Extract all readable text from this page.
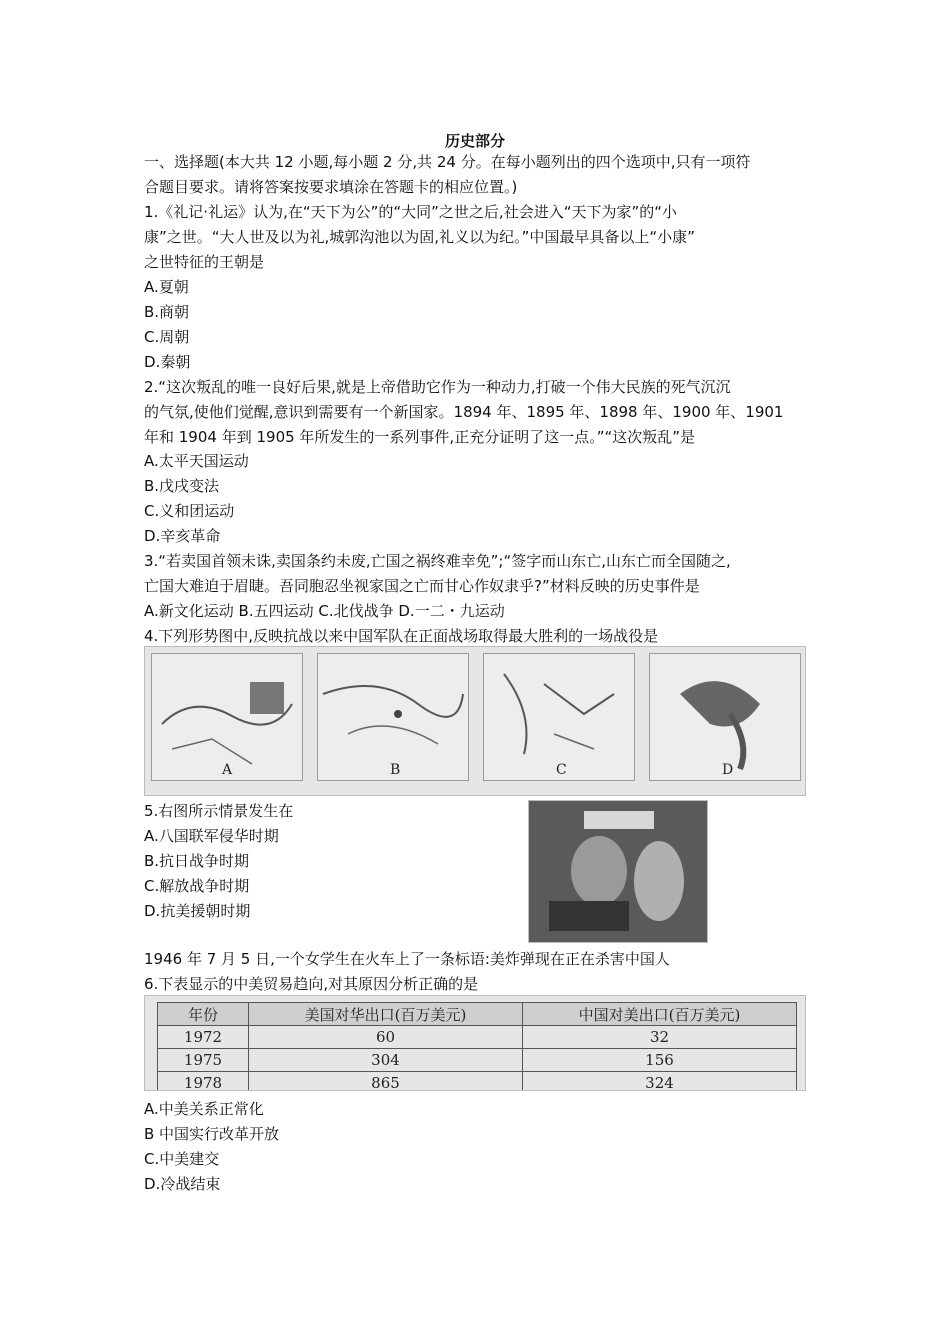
历史部分
一、选择题(本大共 12 小题,每小题 2 分,共 24 分。在每小题列出的四个选项中,只有一项符
合题目要求。请将答案按要求填涂在答题卡的相应位置。)
1.《礼记·礼运》认为,在“天下为公”的“大同”之世之后,社会进入“天下为家”的“小
康”之世。“大人世及以为礼,城郭沟池以为固,礼义以为纪。”中国最早具备以上“小康”
之世特征的王朝是
A.夏朝
B.商朝
C.周朝
D.秦朝
2.“这次叛乱的唯一良好后果,就是上帝借助它作为一种动力,打破一个伟大民族的死气沉沉
的气氛,使他们觉醒,意识到需要有一个新国家。1894 年、1895 年、1898 年、1900 年、1901
年和 1904 年到 1905 年所发生的一系列事件,正充分证明了这一点。”“这次叛乱”是
A.太平天国运动
B.戊戌变法
C.义和团运动
D.辛亥革命
3.“若卖国首领未诛,卖国条约未废,亡国之祸终难幸免”;“签字而山东亡,山东亡而全国随之,
亡国大难迫于眉睫。吾同胞忍坐视家国之亡而甘心作奴隶乎?”材料反映的历史事件是
A.新文化运动 B.五四运动 C.北伐战争 D.一二・九运动
4.下列形势图中,反映抗战以来中国军队在正面战场取得最大胜利的一场战役是
A	B	C	D
5.右图所示情景发生在
A.八国联军侵华时期
B.抗日战争时期
C.解放战争时期
D.抗美援朝时期
1946 年 7 月 5 日,一个女学生在火车上了一条标语:美炸弹现在正在杀害中国人
6.下表显示的中美贸易趋向,对其原因分析正确的是
年份	美国对华出口(百万美元)	中国对美出口(百万美元)
1972	60	32
1975	304	156
1978	865	324
A.中美关系正常化
B 中国实行改革开放
C.中美建交
D.冷战结束
